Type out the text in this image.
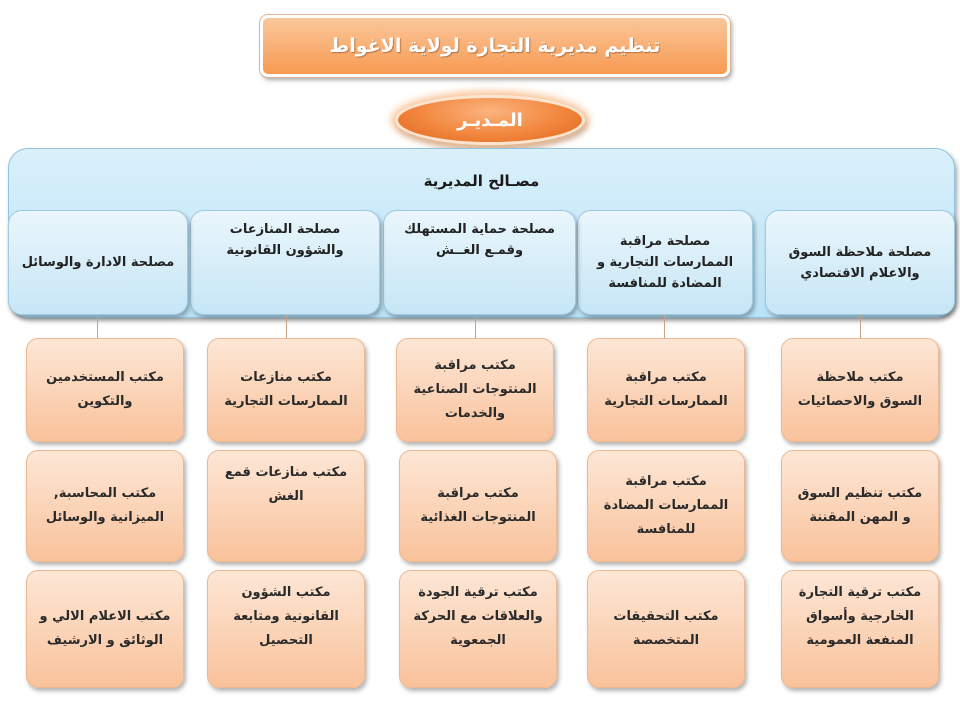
تنظيم مديرية التجارة لولاية الاغواط
المـديـر
مصـالح المديرية
مصلحة ملاحظة السوق
والاعلام الاقتصادي
مصلحة مراقبة
الممارسات التجارية و
المضادة للمنافسة
مصلحة حماية المستهلك
وقمـع الغــش
مصلحة المنازعات
والشؤون القانونية
مصلحة الادارة والوسائل
مكتب ملاحظة
السوق والاحصائيات
مكتب تنظيم السوق
و المهن المقننة
مكتب ترقية التجارة
الخارجية وأسواق
المنفعة العمومية
مكتب مراقبة
الممارسات التجارية
مكتب مراقبة
الممارسات المضادة
للمنافسة
مكتب التحقيقات
المتخصصة
مكتب مراقبة
المنتوجات الصناعية
والخدمات
مكتب مراقبة
المنتوجات الغذائية
مكتب ترقية الجودة
والعلاقات مع الحركة
الجمعوية
مكتب منازعات
الممارسات التجارية
مكتب منازعات قمع
الغش
مكتب الشؤون
القانونية ومتابعة
التحصيل
مكتب المستخدمين
والتكوين
مكتب المحاسبة,
الميزانية والوسائل
مكتب الاعلام الالي و
الوثائق و الارشيف
